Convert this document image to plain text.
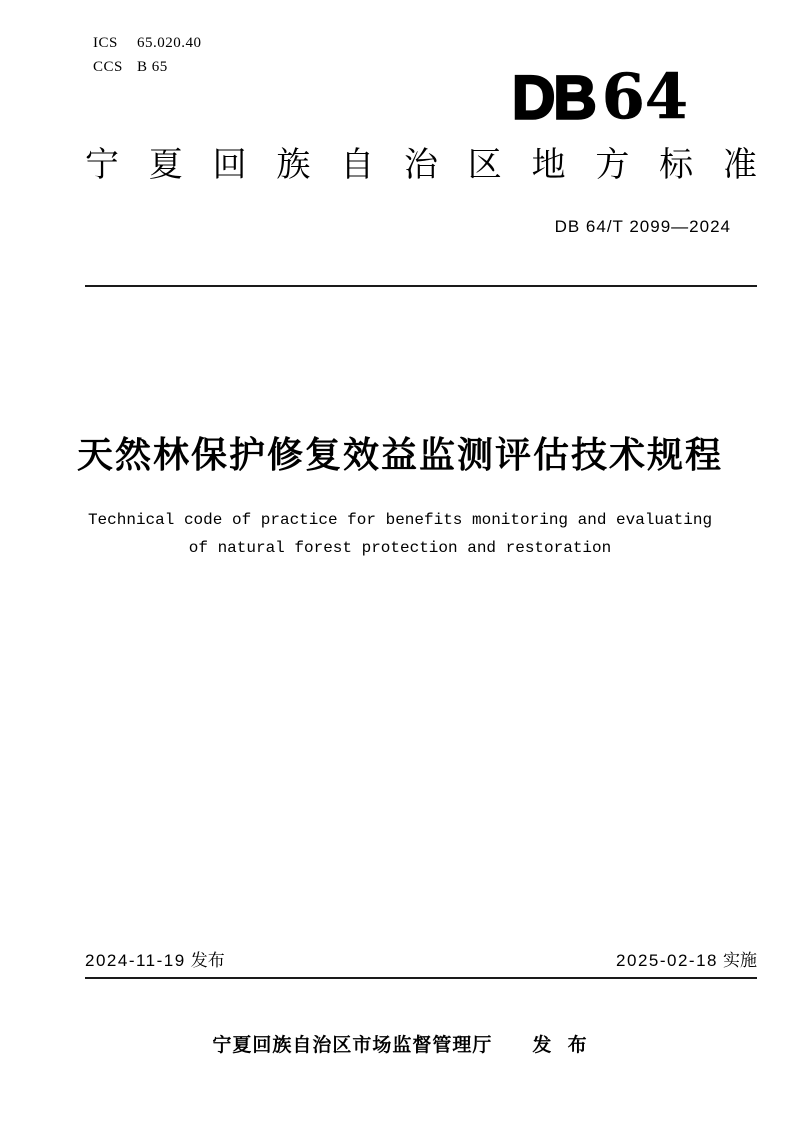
ICS 65.020.40
CCS B 65	DB 64
宁 夏 回 族 自 治 区 地 方 标 准
DB 64/T 2099—2024
天然林保护修复效益监测评估技术规程
Technical code of practice for benefits monitoring and evaluating
of natural forest protection and restoration
2024-11-19 发布	2025-02-18 实施
宁夏回族自治区市场监督管理厅 发 布
